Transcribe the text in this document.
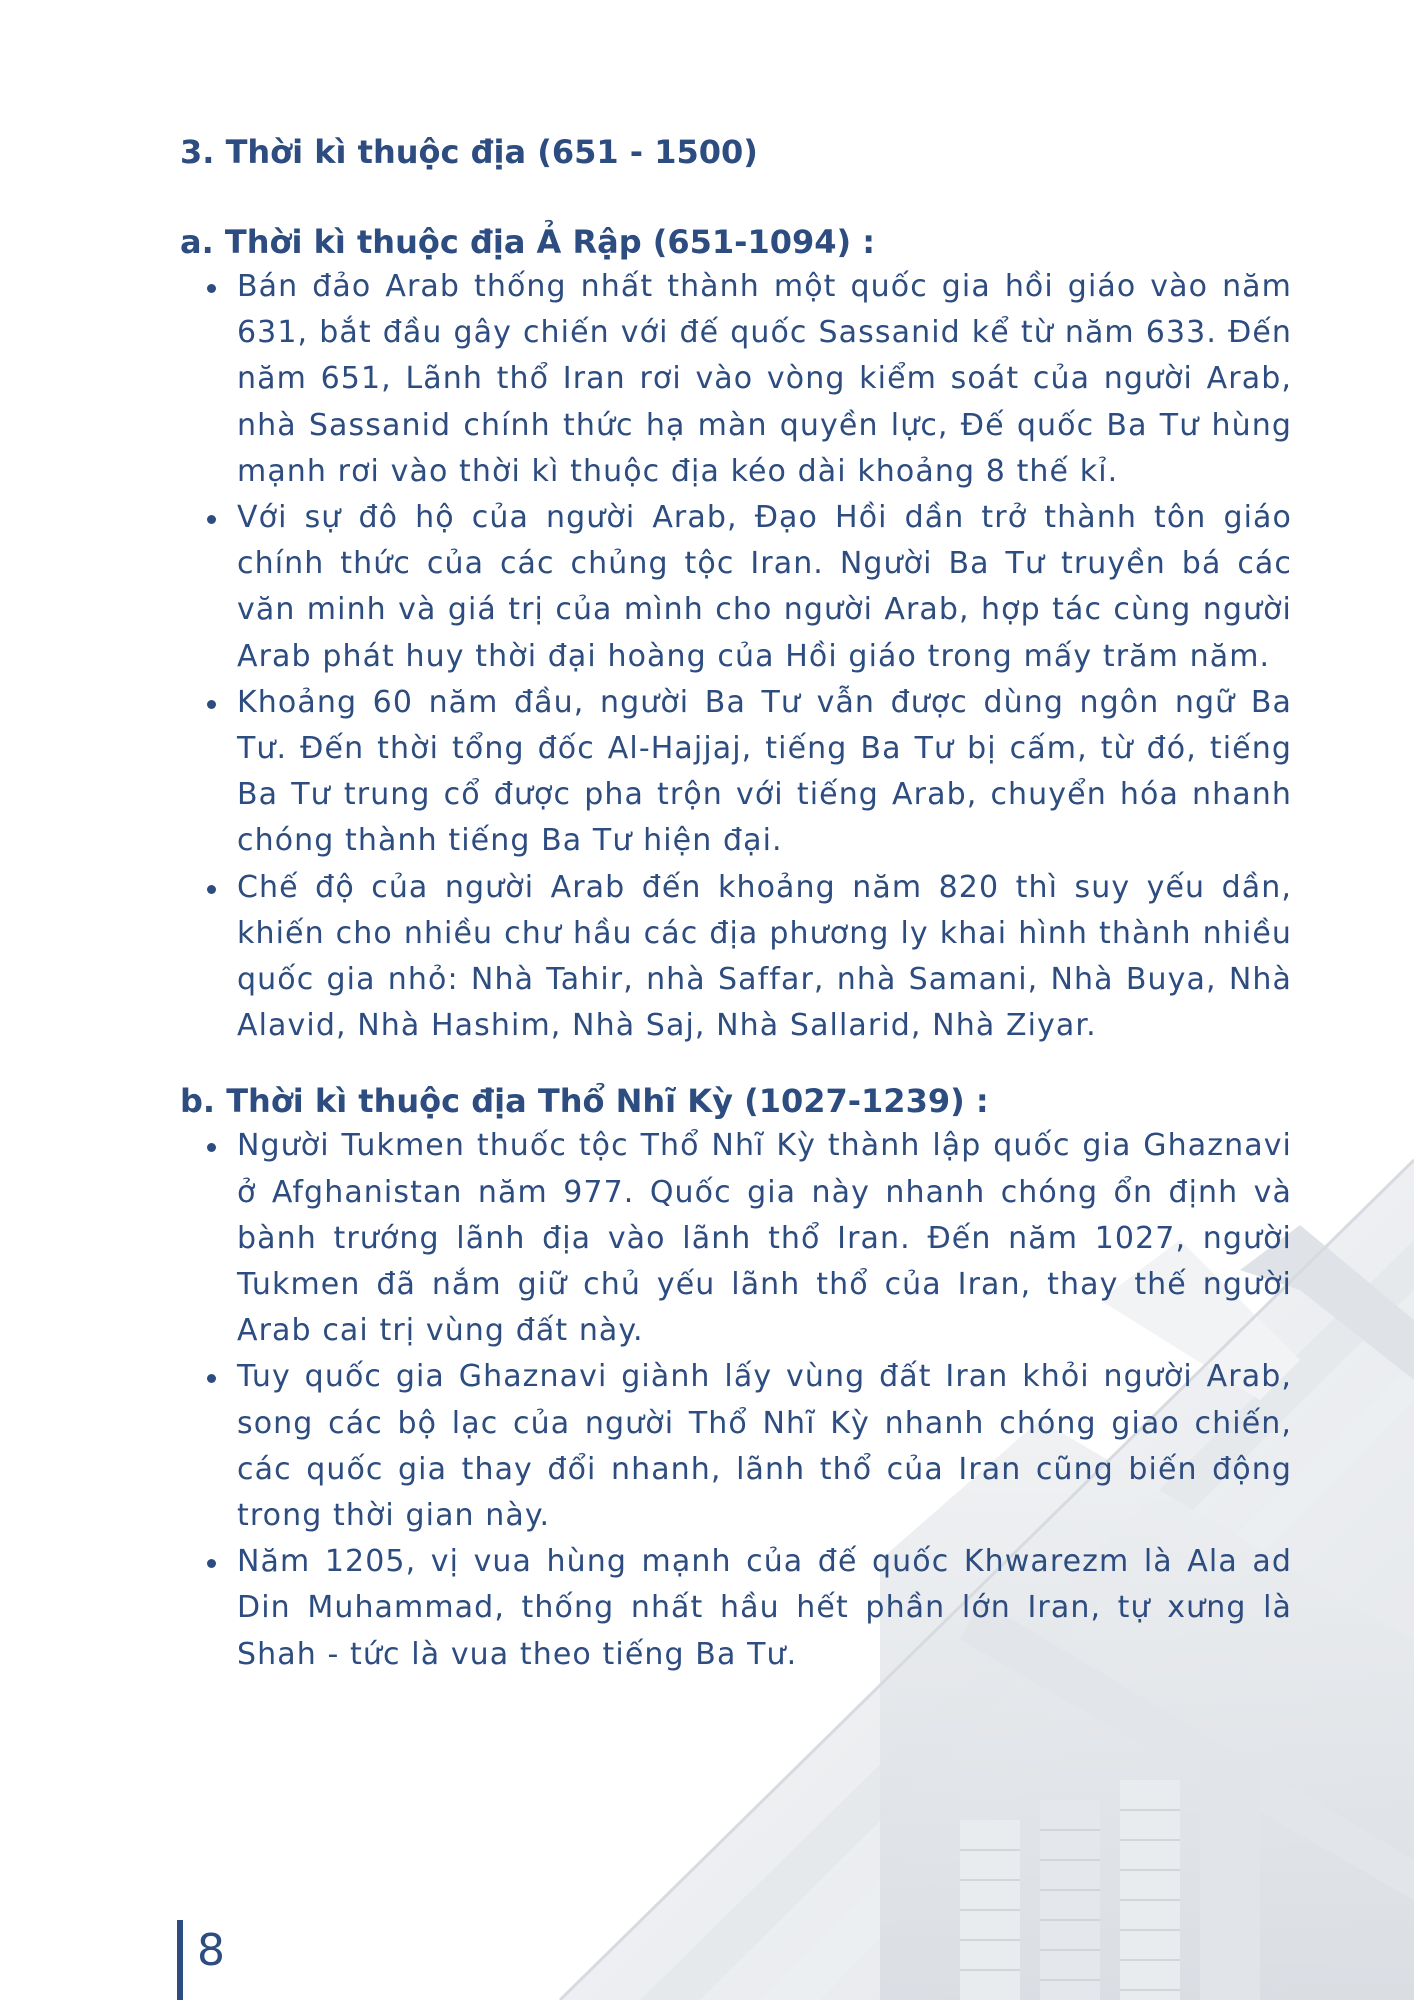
3. Thời kì thuộc địa (651 - 1500)
a. Thời kì thuộc địa Ả Rập (651-1094) :
Bán đảo Arab thống nhất thành một quốc gia hồi giáo vào năm 631, bắt đầu gây chiến với đế quốc Sassanid kể từ năm 633. Đến năm 651, Lãnh thổ Iran rơi vào vòng kiểm soát của người Arab, nhà Sassanid chính thức hạ màn quyền lực, Đế quốc Ba Tư hùng mạnh rơi vào thời kì thuộc địa kéo dài khoảng 8 thế kỉ.
Với sự đô hộ của người Arab, Đạo Hồi dần trở thành tôn giáo chính thức của các chủng tộc Iran. Người Ba Tư truyền bá các văn minh và giá trị của mình cho người Arab, hợp tác cùng người Arab phát huy thời đại hoàng của Hồi giáo trong mấy trăm năm.
Khoảng 60 năm đầu, người Ba Tư vẫn được dùng ngôn ngữ Ba Tư. Đến thời tổng đốc Al-Hajjaj, tiếng Ba Tư bị cấm, từ đó, tiếng Ba Tư trung cổ được pha trộn với tiếng Arab, chuyển hóa nhanh chóng thành tiếng Ba Tư hiện đại.
Chế độ của người Arab đến khoảng năm 820 thì suy yếu dần, khiến cho nhiều chư hầu các địa phương ly khai hình thành nhiều quốc gia nhỏ: Nhà Tahir, nhà Saffar, nhà Samani, Nhà Buya, Nhà Alavid, Nhà Hashim, Nhà Saj, Nhà Sallarid, Nhà Ziyar.
b. Thời kì thuộc địa Thổ Nhĩ Kỳ (1027-1239) :
Người Tukmen thuốc tộc Thổ Nhĩ Kỳ thành lập quốc gia Ghaznavi ở Afghanistan năm 977. Quốc gia này nhanh chóng ổn định và bành trướng lãnh địa vào lãnh thổ Iran. Đến năm 1027, người Tukmen đã nắm giữ chủ yếu lãnh thổ của Iran, thay thế người Arab cai trị vùng đất này.
Tuy quốc gia Ghaznavi giành lấy vùng đất Iran khỏi người Arab, song các bộ lạc của người Thổ Nhĩ Kỳ nhanh chóng giao chiến, các quốc gia thay đổi nhanh, lãnh thổ của Iran cũng biến động trong thời gian này.
Năm 1205, vị vua hùng mạnh của đế quốc Khwarezm là Ala ad Din Muhammad, thống nhất hầu hết phần lớn Iran, tự xưng là Shah - tức là vua theo tiếng Ba Tư.
8
